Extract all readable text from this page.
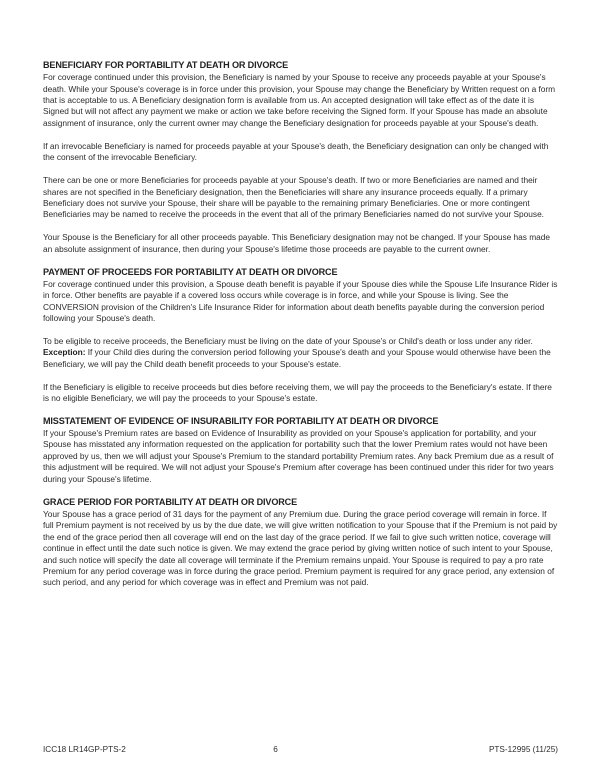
BENEFICIARY FOR PORTABILITY AT DEATH OR DIVORCE

For coverage continued under this provision, the Beneficiary is named by your Spouse to receive any proceeds payable at your Spouse's death. While your Spouse's coverage is in force under this provision, your Spouse may change the Beneficiary by Written request on a form that is acceptable to us. A Beneficiary designation form is available from us. An accepted designation will take effect as of the date it is Signed but will not affect any payment we make or action we take before receiving the Signed form. If your Spouse has made an absolute assignment of insurance, only the current owner may change the Beneficiary designation for proceeds payable at your Spouse's death.

If an irrevocable Beneficiary is named for proceeds payable at your Spouse's death, the Beneficiary designation can only be changed with the consent of the irrevocable Beneficiary.

There can be one or more Beneficiaries for proceeds payable at your Spouse's death. If two or more Beneficiaries are named and their shares are not specified in the Beneficiary designation, then the Beneficiaries will share any insurance proceeds equally. If a primary Beneficiary does not survive your Spouse, their share will be payable to the remaining primary Beneficiaries. One or more contingent Beneficiaries may be named to receive the proceeds in the event that all of the primary Beneficiaries named do not survive your Spouse.

Your Spouse is the Beneficiary for all other proceeds payable. This Beneficiary designation may not be changed. If your Spouse has made an absolute assignment of insurance, then during your Spouse's lifetime those proceeds are payable to the current owner.

PAYMENT OF PROCEEDS FOR PORTABILITY AT DEATH OR DIVORCE

For coverage continued under this provision, a Spouse death benefit is payable if your Spouse dies while the Spouse Life Insurance Rider is in force. Other benefits are payable if a covered loss occurs while coverage is in force, and while your Spouse is living. See the CONVERSION provision of the Children's Life Insurance Rider for information about death benefits payable during the conversion period following your Spouse's death.

To be eligible to receive proceeds, the Beneficiary must be living on the date of your Spouse's or Child's death or loss under any rider. Exception: If your Child dies during the conversion period following your Spouse's death and your Spouse would otherwise have been the Beneficiary, we will pay the Child death benefit proceeds to your Spouse's estate.

If the Beneficiary is eligible to receive proceeds but dies before receiving them, we will pay the proceeds to the Beneficiary's estate. If there is no eligible Beneficiary, we will pay the proceeds to your Spouse's estate.

MISSTATEMENT OF EVIDENCE OF INSURABILITY FOR PORTABILITY AT DEATH OR DIVORCE

If your Spouse's Premium rates are based on Evidence of Insurability as provided on your Spouse's application for portability, and your Spouse has misstated any information requested on the application for portability such that the lower Premium rates would not have been approved by us, then we will adjust your Spouse's Premium to the standard portability Premium rates. Any back Premium due as a result of this adjustment will be required. We will not adjust your Spouse's Premium after coverage has been continued under this rider for two years during your Spouse's lifetime.

GRACE PERIOD FOR PORTABILITY AT DEATH OR DIVORCE

Your Spouse has a grace period of 31 days for the payment of any Premium due. During the grace period coverage will remain in force. If full Premium payment is not received by us by the due date, we will give written notification to your Spouse that if the Premium is not paid by the end of the grace period then all coverage will end on the last day of the grace period. If we fail to give such written notice, coverage will continue in effect until the date such notice is given. We may extend the grace period by giving written notice of such intent to your Spouse, and such notice will specify the date all coverage will terminate if the Premium remains unpaid. Your Spouse is required to pay a pro rate Premium for any period coverage was in force during the grace period. Premium payment is required for any grace period, any extension of such period, and any period for which coverage was in effect and Premium was not paid.

ICC18 LR14GP-PTS-2	6	PTS-12995 (11/25)
